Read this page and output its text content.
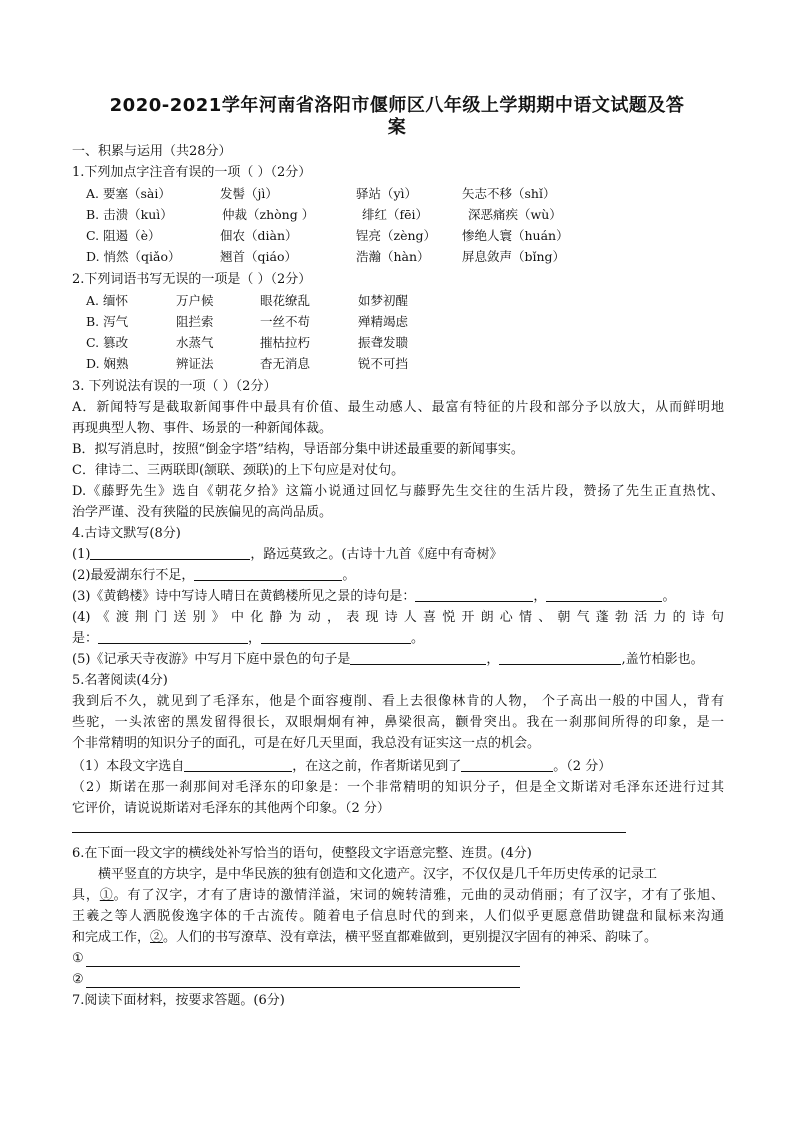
2020-2021学年河南省洛阳市偃师区八年级上学期期中语文试题及答
案
一、积累与运用（共28分）
1.下列加点字注音有误的一项（ ）（2分）
A. 要塞（sài）	发髻（jì）	驿站（yì）	矢志不移（shǐ）
B. 击溃（kuì）	仲裁（zhòng ）	绯红（fēi）	深恶痛疾（wù）
C. 阻遏（è）	佃农（diàn）	锃亮（zèng） 惨绝人寰（huán）
D. 悄然（qiǎo）	翘首（qiáo）	浩瀚（hàn）	屏息敛声（bǐng）
2.下列词语书写无误的一项是（ ）（2分）
A. 缅怀	万户候	眼花缭乱	如梦初醒
B. 泻气	阻拦索	一丝不苟	殚精竭虑
C. 篡改	水蒸气	摧枯拉朽	振聋发聩
D. 娴熟	辨证法	杳无消息	锐不可挡
3. 下列说法有误的一项（ ）（2分）
A．新闻特写是截取新闻事件中最具有价值、最生动感人、最富有特征的片段和部分予以放大，从而鲜明地
再现典型人物、事件、场景的一种新闻体裁。
B．拟写消息时，按照“倒金字塔”结构，导语部分集中讲述最重要的新闻事实。
C．律诗二、三两联即(颔联、颈联)的上下句应是对仗句。
D.《藤野先生》选自《朝花夕拾》这篇小说通过回忆与藤野先生交往的生活片段，赞扬了先生正直热忱、
治学严谨、没有狭隘的民族偏见的高尚品质。
4.古诗文默写(8分)
(1)	，路远莫致之。(古诗十九首《庭中有奇树》
(2)最爱湖东行不足，	。
(3)《黄鹤楼》诗中写诗人晴日在黄鹤楼所见之景的诗句是：	，	。
(4)《渡荆门送别》中化静为动，表现诗人喜悦开朗心情、朝气蓬勃活力的诗句
是：	，	。
(5)《记承天寺夜游》中写月下庭中景色的句子是	，	,盖竹柏影也。
5.名著阅读(4分)
我到后不久，就见到了毛泽东，他是个面容瘦削、看上去很像林肯的人物， 个子高出一般的中国人，背有
些驼，一头浓密的黑发留得很长，双眼炯炯有神，鼻梁很高，颧骨突出。我在一刹那间所得的印象，是一
个非常精明的知识分子的面孔，可是在好几天里面，我总没有证实这一点的机会。
（1）本段文字选自	，在这之前，作者斯诺见到了	。（2 分）
（2）斯诺在那一刹那间对毛泽东的印象是：一个非常精明的知识分子，但是全文斯诺对毛泽东还进行过其
它评价，请说说斯诺对毛泽东的其他两个印象。（2 分）
6.在下面一段文字的横线处补写恰当的语句，使整段文字语意完整、连贯。(4分)
横平竖直的方块字，是中华民族的独有创造和文化遗产。汉字，不仅仅是几千年历史传承的记录工
具，①。有了汉字，才有了唐诗的激情洋溢，宋词的婉转清雅，元曲的灵动俏丽；有了汉字，才有了张旭、
王羲之等人洒脱俊逸字体的千古流传。随着电子信息时代的到来，人们似乎更愿意借助键盘和鼠标来沟通
和完成工作，②。人们的书写潦草、没有章法，横平竖直都难做到，更别提汉字固有的神采、韵味了。
①
②
7.阅读下面材料，按要求答题。(6分)
